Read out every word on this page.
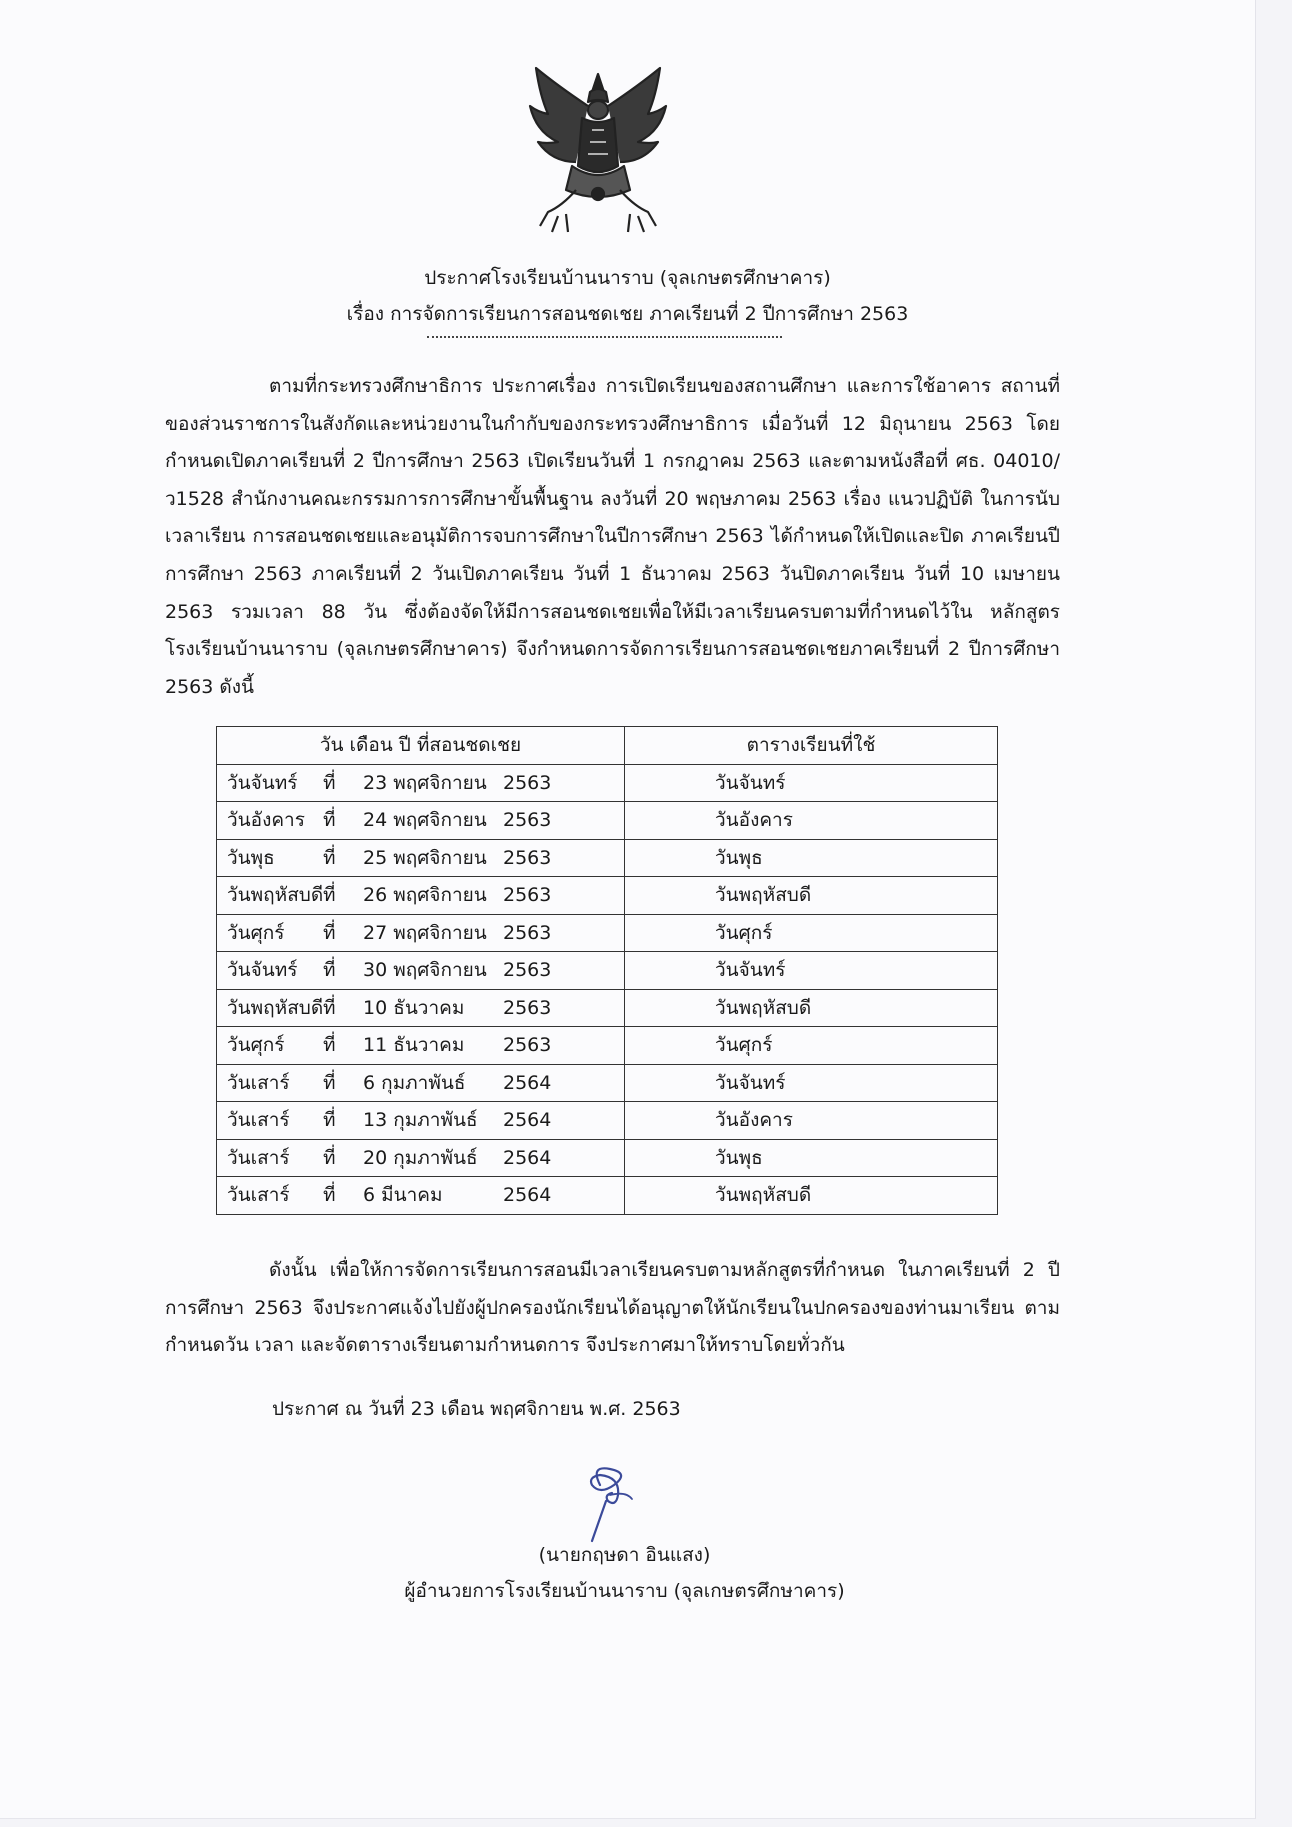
ประกาศโรงเรียนบ้านนาราบ (จุลเกษตรศึกษาคาร)
เรื่อง การจัดการเรียนการสอนชดเชย ภาคเรียนที่ 2 ปีการศึกษา 2563
ตามที่กระทรวงศึกษาธิการ ประกาศเรื่อง การเปิดเรียนของสถานศึกษา และการใช้อาคาร สถานที่ของส่วนราชการในสังกัดและหน่วยงานในกำกับของกระทรวงศึกษาธิการ เมื่อวันที่ 12 มิถุนายน 2563 โดยกำหนดเปิดภาคเรียนที่ 2 ปีการศึกษา 2563 เปิดเรียนวันที่ 1 กรกฎาคม 2563 และตามหนังสือที่ ศธ. 04010/ว1528 สำนักงานคณะกรรมการการศึกษาขั้นพื้นฐาน ลงวันที่ 20 พฤษภาคม 2563 เรื่อง แนวปฏิบัติ ในการนับเวลาเรียน การสอนชดเชยและอนุมัติการจบการศึกษาในปีการศึกษา 2563 ได้กำหนดให้เปิดและปิด ภาคเรียนปีการศึกษา 2563 ภาคเรียนที่ 2 วันเปิดภาคเรียน วันที่ 1 ธันวาคม 2563 วันปิดภาคเรียน วันที่ 10 เมษายน 2563 รวมเวลา 88 วัน ซึ่งต้องจัดให้มีการสอนชดเชยเพื่อให้มีเวลาเรียนครบตามที่กำหนดไว้ใน หลักสูตร โรงเรียนบ้านนาราบ (จุลเกษตรศึกษาคาร) จึงกำหนดการจัดการเรียนการสอนชดเชยภาคเรียนที่ 2 ปีการศึกษา 2563 ดังนี้
วัน เดือน ปี ที่สอนชดเชย	ตารางเรียนที่ใช้
วันจันทร์ ที่ 23 พฤศจิกายน 2563	วันจันทร์
วันอังคาร ที่ 24 พฤศจิกายน 2563	วันอังคาร
วันพุธ ที่ 25 พฤศจิกายน 2563	วันพุธ
วันพฤหัสบดีที่ 26 พฤศจิกายน 2563	วันพฤหัสบดี
วันศุกร์ ที่ 27 พฤศจิกายน 2563	วันศุกร์
วันจันทร์ ที่ 30 พฤศจิกายน 2563	วันจันทร์
วันพฤหัสบดีที่ 10 ธันวาคม 2563	วันพฤหัสบดี
วันศุกร์ ที่ 11 ธันวาคม 2563	วันศุกร์
วันเสาร์ ที่ 6 กุมภาพันธ์ 2564	วันจันทร์
วันเสาร์ ที่ 13 กุมภาพันธ์ 2564	วันอังคาร
วันเสาร์ ที่ 20 กุมภาพันธ์ 2564	วันพุธ
วันเสาร์ ที่ 6 มีนาคม 2564	วันพฤหัสบดี
ดังนั้น เพื่อให้การจัดการเรียนการสอนมีเวลาเรียนครบตามหลักสูตรที่กำหนด ในภาคเรียนที่ 2 ปีการศึกษา 2563 จึงประกาศแจ้งไปยังผู้ปกครองนักเรียนได้อนุญาตให้นักเรียนในปกครองของท่านมาเรียน ตามกำหนดวัน เวลา และจัดตารางเรียนตามกำหนดการ จึงประกาศมาให้ทราบโดยทั่วกัน
ประกาศ ณ วันที่ 23 เดือน พฤศจิกายน พ.ศ. 2563
(นายกฤษดา อินแสง)
ผู้อำนวยการโรงเรียนบ้านนาราบ (จุลเกษตรศึกษาคาร)
